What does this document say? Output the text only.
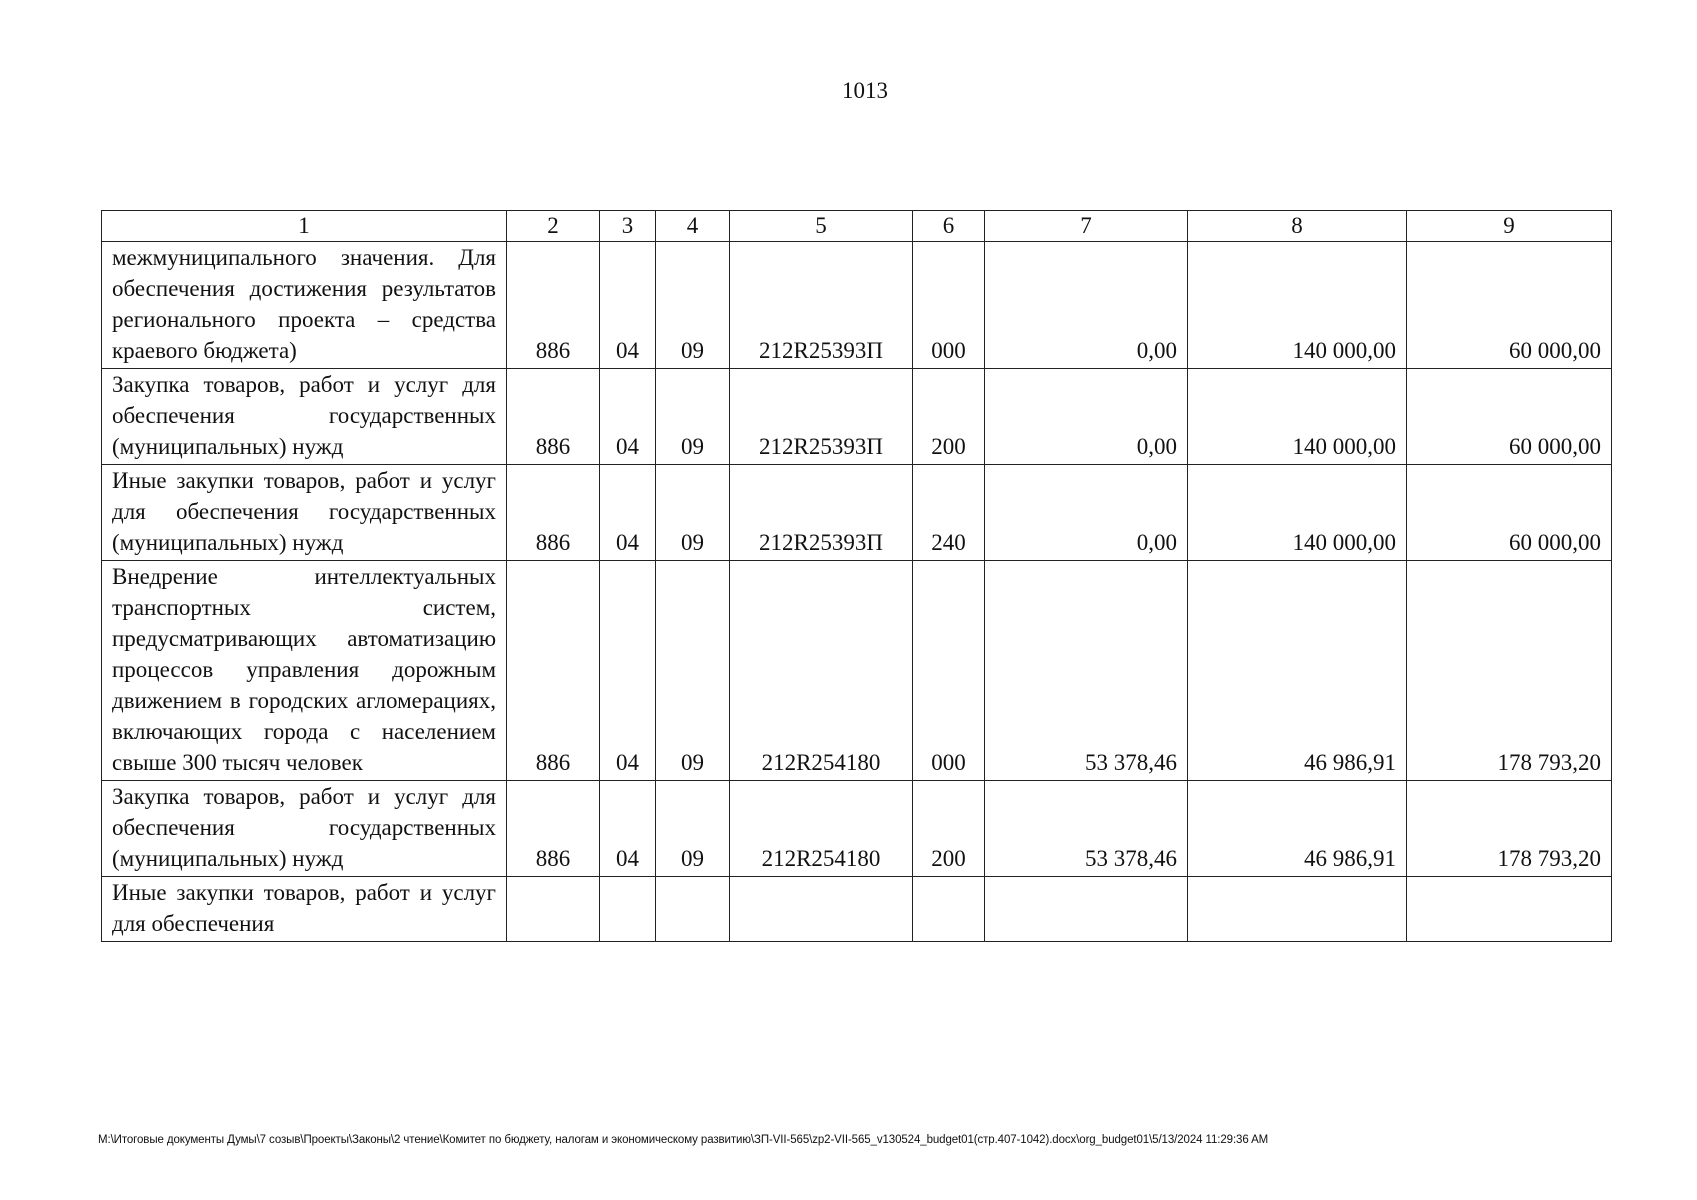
1013
1	2	3	4	5	6	7	8	9
межмуниципального значения. Для обеспечения достижения результатов регионального проекта – средства краевого бюджета)	886	04	09	212R25393П	000	0,00	140 000,00	60 000,00
Закупка товаров, работ и услуг для обеспечения государственных (муниципальных) нужд	886	04	09	212R25393П	200	0,00	140 000,00	60 000,00
Иные закупки товаров, работ и услуг для обеспечения государственных (муниципальных) нужд	886	04	09	212R25393П	240	0,00	140 000,00	60 000,00
Внедрение интеллектуальных транспортных систем, предусматривающих автоматизацию процессов управления дорожным движением в городских агломерациях, включающих города с населением свыше 300 тысяч человек	886	04	09	212R254180	000	53 378,46	46 986,91	178 793,20
Закупка товаров, работ и услуг для обеспечения государственных (муниципальных) нужд	886	04	09	212R254180	200	53 378,46	46 986,91	178 793,20
Иные закупки товаров, работ и услуг для обеспечения								
M:\Итоговые документы Думы\7 созыв\Проекты\Законы\2 чтение\Комитет по бюджету, налогам и экономическому развитию\ЗП-VII-565\zp2-VII-565_v130524_budget01(стр.407-1042).docx\org_budget01\5/13/2024 11:29:36 AM
